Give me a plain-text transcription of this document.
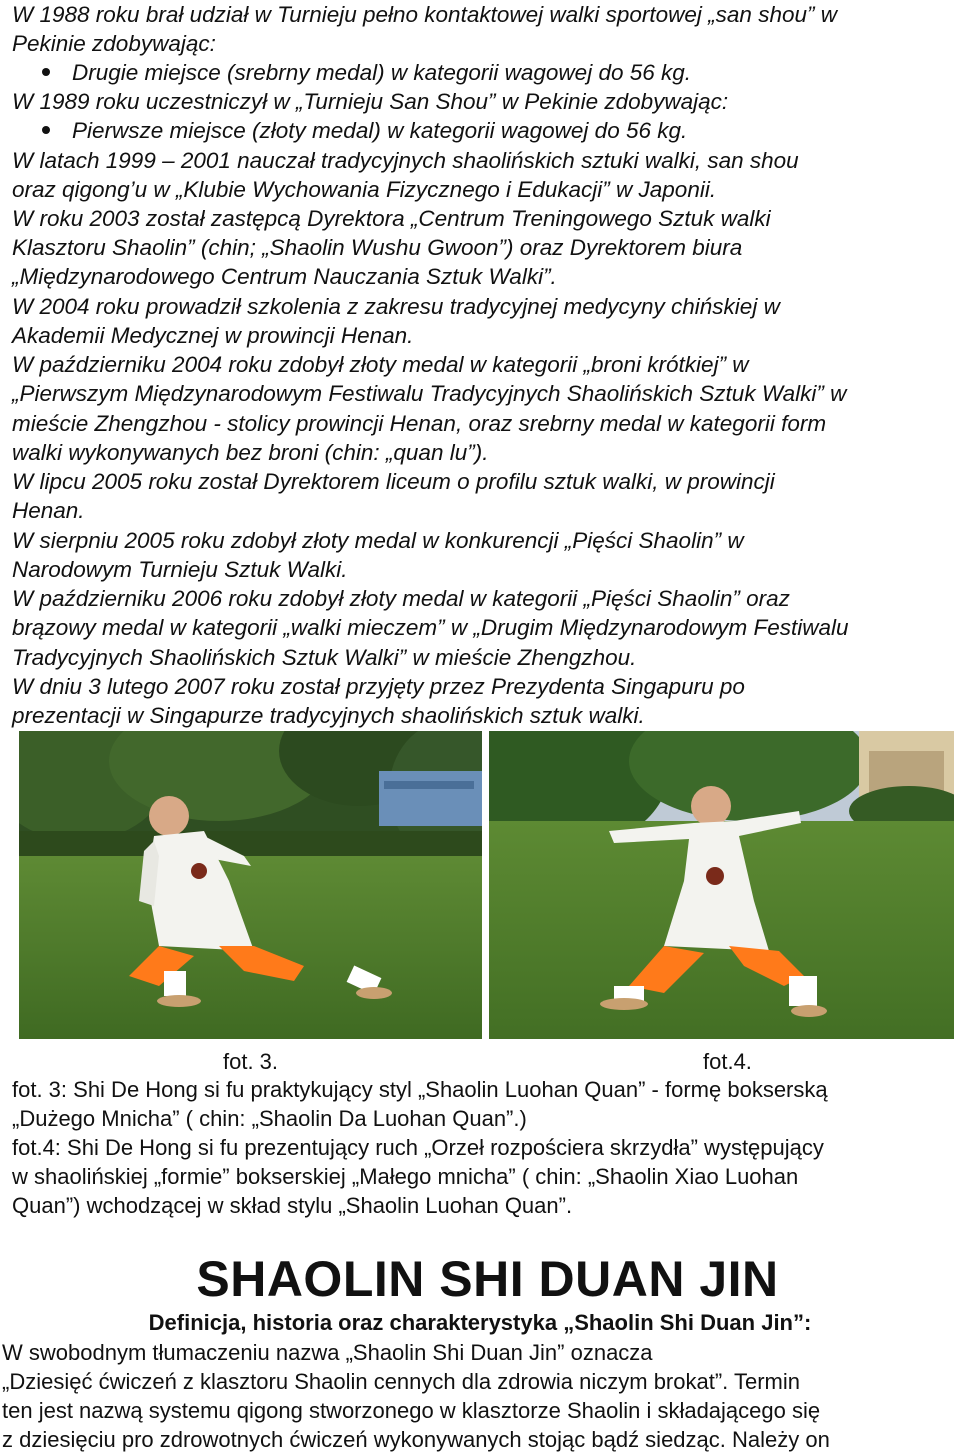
W 1988 roku brał udział w Turnieju pełno kontaktowej walki sportowej „san shou” w
Pekinie zdobywając:
Drugie miejsce (srebrny medal) w kategorii wagowej do 56 kg.
W 1989 roku uczestniczył w „Turnieju San Shou” w Pekinie zdobywając:
Pierwsze miejsce (złoty medal) w kategorii wagowej do 56 kg.
W latach 1999 – 2001 nauczał tradycyjnych shaolińskich sztuki walki, san shou
oraz qigong’u w „Klubie Wychowania Fizycznego i Edukacji” w Japonii.
W roku 2003 został zastępcą Dyrektora „Centrum Treningowego Sztuk walki
Klasztoru Shaolin” (chin; „Shaolin Wushu Gwoon”) oraz Dyrektorem biura
„Międzynarodowego Centrum Nauczania Sztuk Walki”.
W 2004 roku prowadził szkolenia z zakresu tradycyjnej medycyny chińskiej w
Akademii Medycznej w prowincji Henan.
W październiku 2004 roku zdobył złoty medal w kategorii „broni krótkiej” w
„Pierwszym Międzynarodowym Festiwalu Tradycyjnych Shaolińskich Sztuk Walki” w
mieście Zhengzhou - stolicy prowincji Henan, oraz srebrny medal w kategorii form
walki wykonywanych bez broni (chin: „quan lu”).
W lipcu 2005 roku został Dyrektorem liceum o profilu sztuk walki, w prowincji
Henan.
W sierpniu 2005 roku zdobył złoty medal w konkurencji „Pięści Shaolin” w
Narodowym Turnieju Sztuk Walki.
W październiku 2006 roku zdobył złoty medal w kategorii „Pięści Shaolin” oraz
brązowy medal w kategorii „walki mieczem” w „Drugim Międzynarodowym Festiwalu
Tradycyjnych Shaolińskich Sztuk Walki” w mieście Zhengzhou.
W dniu 3 lutego 2007 roku został przyjęty przez Prezydenta Singapuru po
prezentacji w Singapurze tradycyjnych shaolińskich sztuk walki.
fot. 3.	fot.4.
fot. 3: Shi De Hong si fu praktykujący styl „Shaolin Luohan Quan” - formę bokserską
„Dużego Mnicha” ( chin: „Shaolin Da Luohan Quan”.)
fot.4: Shi De Hong si fu prezentujący ruch „Orzeł rozpościera skrzydła” występujący
w shaolińskiej „formie” bokserskiej „Małego mnicha” ( chin: „Shaolin Xiao Luohan
Quan”) wchodzącej w skład stylu „Shaolin Luohan Quan”.
SHAOLIN SHI DUAN JIN
Definicja, historia oraz charakterystyka „Shaolin Shi Duan Jin”:
W swobodnym tłumaczeniu nazwa „Shaolin Shi Duan Jin” oznacza
„Dziesięć ćwiczeń z klasztoru Shaolin cennych dla zdrowia niczym brokat”. Termin
ten jest nazwą systemu qigong stworzonego w klasztorze Shaolin i składającego się
z dziesięciu pro zdrowotnych ćwiczeń wykonywanych stojąc bądź siedząc. Należy on
